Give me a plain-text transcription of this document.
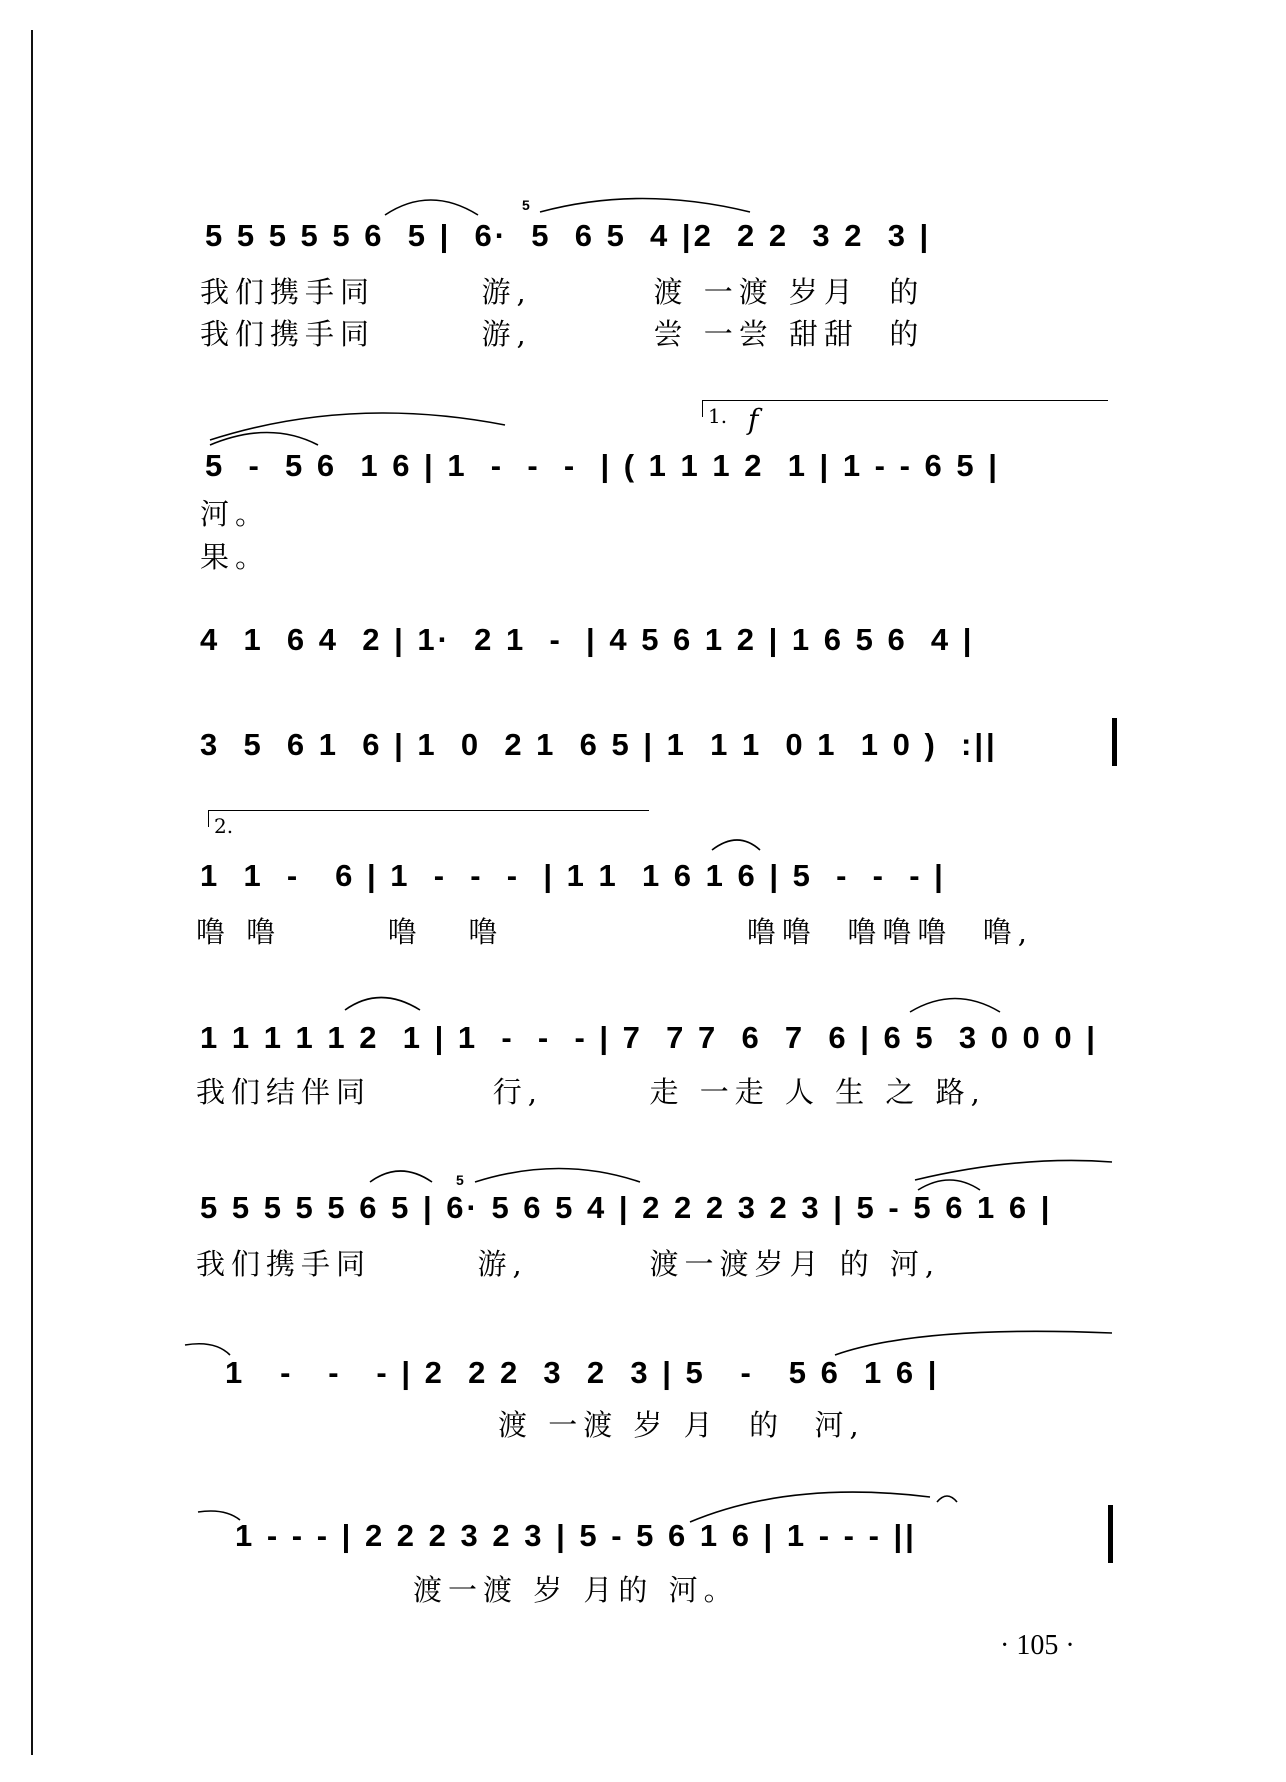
5 5 5 5 5 6  5 |  6·  5  6 5  4 |2  2 2  3 2  3 |
5
我们携手同       游,        渡 一渡 岁月  的
我们携手同       游,        尝 一尝 甜甜  的
1. f
5  -  5 6  1 6 | 1  -  -  -  | ( 1 1 1 2  1 | 1 - - 6 5 |
河。
果。
4  1  6 4  2 | 1·  2 1  -  | 4 5 6 1 2 | 1 6 5 6  4 |
3  5  6 1  6 | 1  0  2 1  6 5 | 1  1 1  0 1  1 0 )  :||
2.
1  1  -   6 | 1  -  -  -  | 1 1  1 6 1 6 | 5  -  -  - |
噜 噜       噜   噜                噜噜  噜噜噜  噜,
1 1 1 1 1 2  1 | 1  -  -  - | 7  7 7  6  7  6 | 6 5  3 0 0 0 |
我们结伴同        行,       走 一走 人 生 之 路,
5 5 5 5 5 6 5 | 6· 5 6 5 4 | 2 2 2 3 2 3 | 5 - 5 6 1 6 |
5
我们携手同       游,        渡一渡岁月 的 河,
1   -   -   - | 2  2 2  3  2  3 | 5   -   5 6  1 6 |
渡 一渡 岁 月  的  河,
1 - - - | 2 2 2 3 2 3 | 5 - 5 6 1 6 | 1 - - - ||
渡一渡 岁 月的 河。
· 105 ·
